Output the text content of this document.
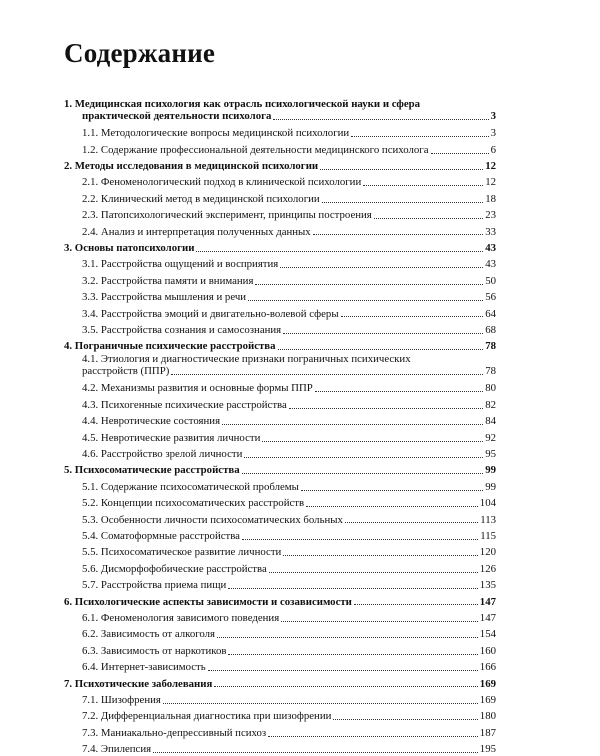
Содержание
1. Медицинская психология как отрасль психологической науки и сфера
практической деятельности психолога	3
1.1. Методологические вопросы медицинской психологии	3
1.2. Содержание профессиональной деятельности медицинского психолога	6
2. Методы исследования в медицинской психологии	12
2.1. Феноменологический подход в клинической психологии	12
2.2. Клинический метод в медицинской психологии	18
2.3. Патопсихологический эксперимент, принципы построения	23
2.4. Анализ и интерпретация полученных данных	33
3. Основы патопсихологии	43
3.1. Расстройства ощущений и восприятия	43
3.2. Расстройства памяти и внимания	50
3.3. Расстройства мышления и речи	56
3.4. Расстройства эмоций и двигательно-волевой сферы	64
3.5. Расстройства сознания и самосознания	68
4. Пограничные психические расстройства	78
4.1. Этиология и диагностические признаки пограничных психических
расстройств (ППР)	78
4.2. Механизмы развития и основные формы ППР	80
4.3. Психогенные психические расстройства	82
4.4. Невротические состояния	84
4.5. Невротические развития личности	92
4.6. Расстройство зрелой личности	95
5. Психосоматические расстройства	99
5.1. Содержание психосоматической проблемы	99
5.2. Концепции психосоматических расстройств	104
5.3. Особенности личности психосоматических больных	113
5.4. Соматоформные расстройства	115
5.5. Психосоматическое развитие личности	120
5.6. Дисморфофобические расстройства	126
5.7. Расстройства приема пищи	135
6. Психологические аспекты зависимости и созависимости	147
6.1. Феноменология зависимого поведения	147
6.2. Зависимость от алкоголя	154
6.3. Зависимость от наркотиков	160
6.4. Интернет-зависимость	166
7. Психотические заболевания	169
7.1. Шизофрения	169
7.2. Дифференциальная диагностика при шизофрении	180
7.3. Маниакально-депрессивный психоз	187
7.4. Эпилепсия	195
